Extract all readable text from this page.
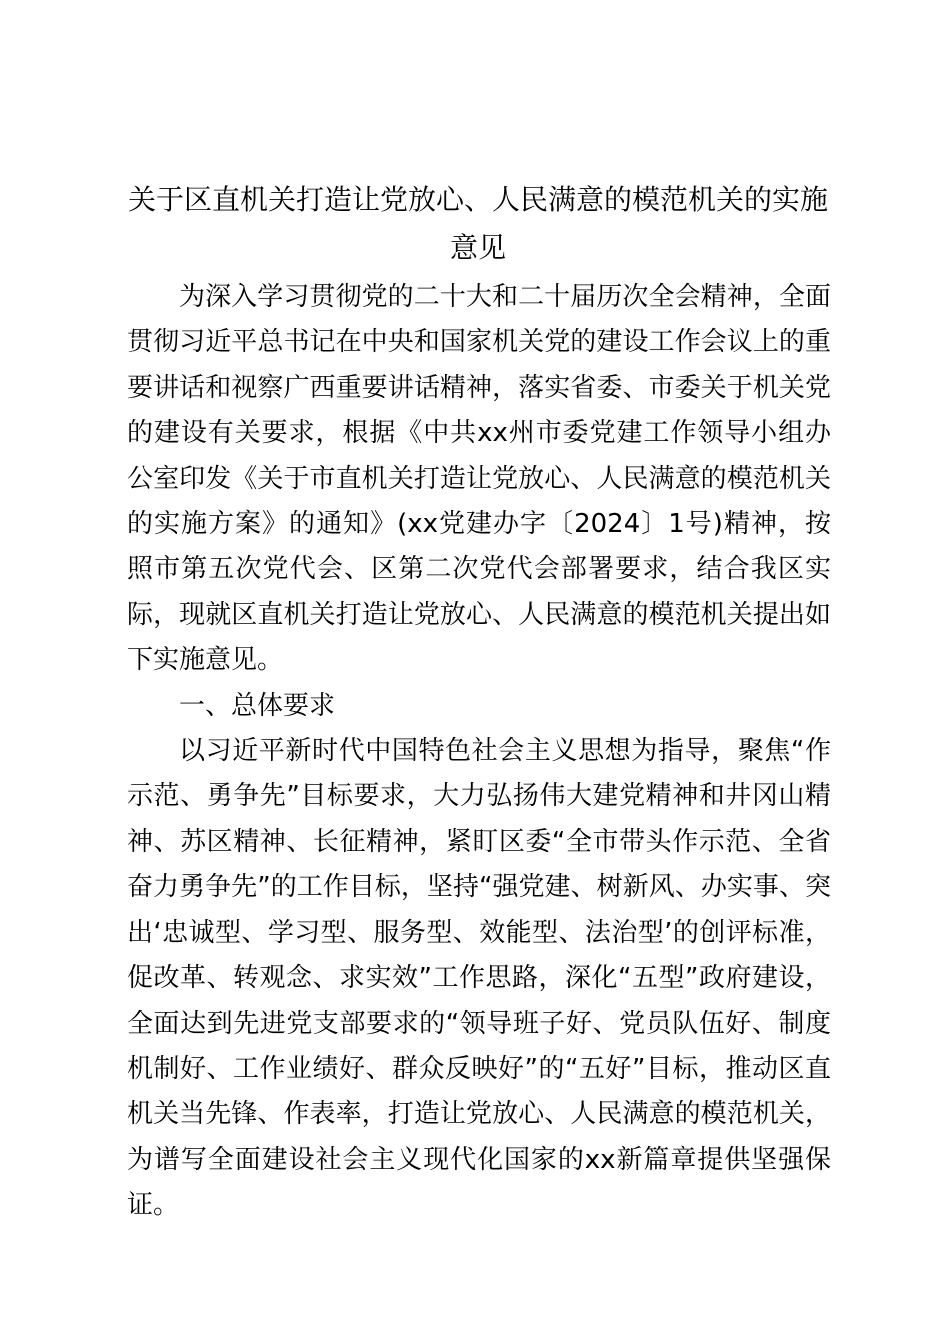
关于区直机关打造让党放心、人民满意的模范机关的实施意见

为深入学习贯彻党的二十大和二十届历次全会精神，全面贯彻习近平总书记在中央和国家机关党的建设工作会议上的重要讲话和视察广西重要讲话精神，落实省委、市委关于机关党的建设有关要求，根据《中共xx州市委党建工作领导小组办公室印发《关于市直机关打造让党放心、人民满意的模范机关的实施方案》的通知》(xx党建办字〔2024〕1号)精神，按照市第五次党代会、区第二次党代会部署要求，结合我区实际，现就区直机关打造让党放心、人民满意的模范机关提出如下实施意见。

一、总体要求

以习近平新时代中国特色社会主义思想为指导，聚焦“作示范、勇争先”目标要求，大力弘扬伟大建党精神和井冈山精神、苏区精神、长征精神，紧盯区委“全市带头作示范、全省奋力勇争先”的工作目标，坚持“强党建、树新风、办实事、突出‘忠诚型、学习型、服务型、效能型、法治型’的创评标准，促改革、转观念、求实效”工作思路，深化“五型”政府建设，全面达到先进党支部要求的“领导班子好、党员队伍好、制度机制好、工作业绩好、群众反映好”的“五好”目标，推动区直机关当先锋、作表率，打造让党放心、人民满意的模范机关，为谱写全面建设社会主义现代化国家的xx新篇章提供坚强保证。
